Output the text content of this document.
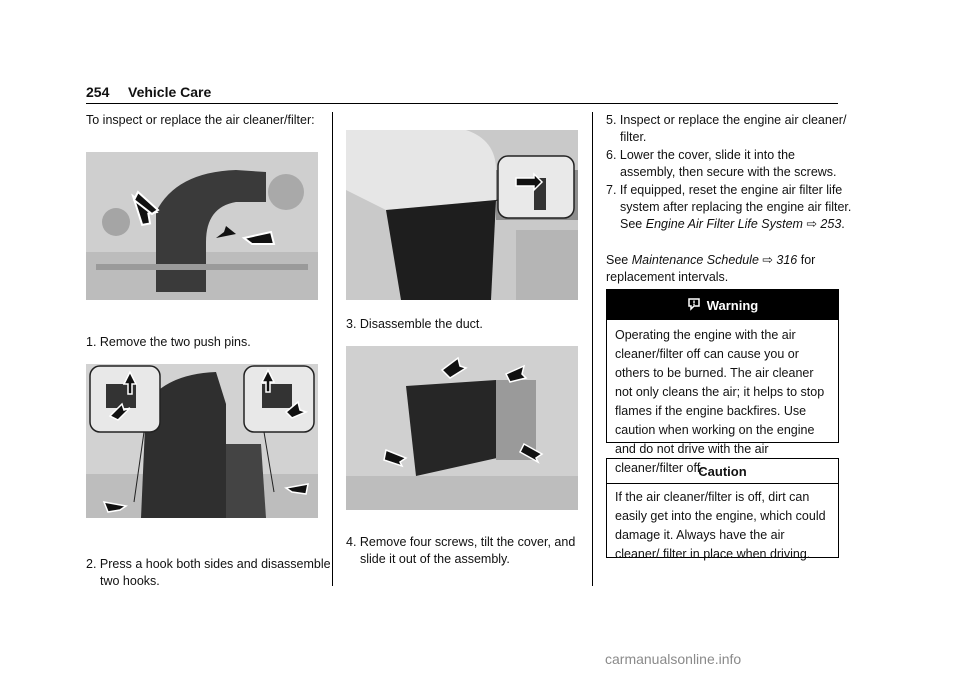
254 Vehicle Care
To inspect or replace the air cleaner/filter:
1. Remove the two push pins.
2. Press a hook both sides and disassemble two hooks.
3. Disassemble the duct.
4. Remove four screws, tilt the cover, and slide it out of the assembly.
5. Inspect or replace the engine air cleaner/ filter.
6. Lower the cover, slide it into the assembly, then secure with the screws.
7. If equipped, reset the engine air filter life system after replacing the engine air filter. See Engine Air Filter Life System ⇨ 253.
See Maintenance Schedule ⇨ 316 for replacement intervals.
Warning
Operating the engine with the air cleaner/filter off can cause you or others to be burned. The air cleaner not only cleans the air; it helps to stop flames if the engine backfires. Use caution when working on the engine and do not drive with the air cleaner/filter off.
Caution
If the air cleaner/filter is off, dirt can easily get into the engine, which could damage it. Always have the air cleaner/ filter in place when driving.
carmanualsonline.info
